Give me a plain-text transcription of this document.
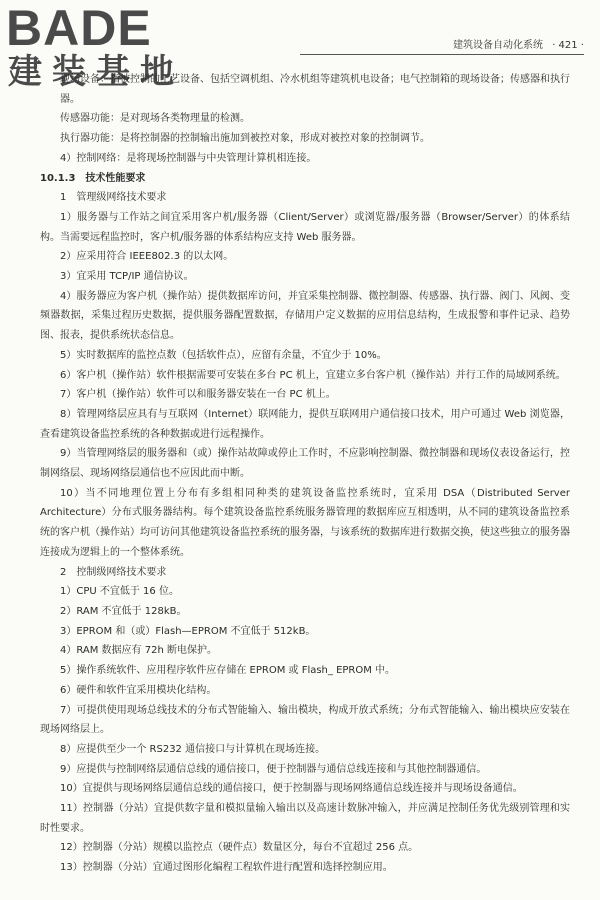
BADE
建装基地
建筑设备自动化系统 · 421 ·

现场设备：指被控制的工艺设备、包括空调机组、冷水机组等建筑机电设备；电气控制箱的现场设备；传感器和执行器。

传感器功能：是对现场各类物理量的检测。

执行器功能：是将控制器的控制输出施加到被控对象，形成对被控对象的控制调节。

4）控制网络：是将现场控制器与中央管理计算机相连接。

10.1.3　技术性能要求

1　管理级网络技术要求

1）服务器与工作站之间宜采用客户机/服务器（Client/Server）或浏览器/服务器（Browser/Server）的体系结构。当需要远程监控时，客户机/服务器的体系结构应支持 Web 服务器。

2）应采用符合 IEEE802.3 的以太网。

3）宜采用 TCP/IP 通信协议。

4）服务器应为客户机（操作站）提供数据库访问，并宜采集控制器、微控制器、传感器、执行器、阀门、风阀、变频器数据，采集过程历史数据，提供服务器配置数据，存储用户定义数据的应用信息结构，生成报警和事件记录、趋势图、报表，提供系统状态信息。

5）实时数据库的监控点数（包括软件点），应留有余量，不宜少于 10%。

6）客户机（操作站）软件根据需要可安装在多台 PC 机上，宜建立多台客户机（操作站）并行工作的局域网系统。

7）客户机（操作站）软件可以和服务器安装在一台 PC 机上。

8）管理网络层应具有与互联网（Internet）联网能力，提供互联网用户通信接口技术，用户可通过 Web 浏览器，查看建筑设备监控系统的各种数据或进行远程操作。

9）当管理网络层的服务器和（或）操作站故障或停止工作时，不应影响控制器、微控制器和现场仪表设备运行，控制网络层、现场网络层通信也不应因此而中断。

10）当不同地理位置上分布有多组相同种类的建筑设备监控系统时，宜采用 DSA（Distributed Server Architecture）分布式服务器结构。每个建筑设备监控系统服务器管理的数据库应互相透明，从不同的建筑设备监控系统的客户机（操作站）均可访问其他建筑设备监控系统的服务器，与该系统的数据库进行数据交换，使这些独立的服务器连接成为逻辑上的一个整体系统。

2　控制级网络技术要求

1）CPU 不宜低于 16 位。

2）RAM 不宜低于 128kB。

3）EPROM 和（或）Flash—EPROM 不宜低于 512kB。

4）RAM 数据应有 72h 断电保护。

5）操作系统软件、应用程序软件应存储在 EPROM 或 Flash_ EPROM 中。

6）硬件和软件宜采用模块化结构。

7）可提供使用现场总线技术的分布式智能输入、输出模块，构成开放式系统；分布式智能输入、输出模块应安装在现场网络层上。

8）应提供至少一个 RS232 通信接口与计算机在现场连接。

9）应提供与控制网络层通信总线的通信接口，便于控制器与通信总线连接和与其他控制器通信。

10）宜提供与现场网络层通信总线的通信接口，便于控制器与现场网络通信总线连接并与现场设备通信。

11）控制器（分站）宜提供数字量和模拟量输入输出以及高速计数脉冲输入，并应满足控制任务优先级别管理和实时性要求。

12）控制器（分站）规模以监控点（硬件点）数量区分，每台不宜超过 256 点。

13）控制器（分站）宜通过图形化编程工程软件进行配置和选择控制应用。
